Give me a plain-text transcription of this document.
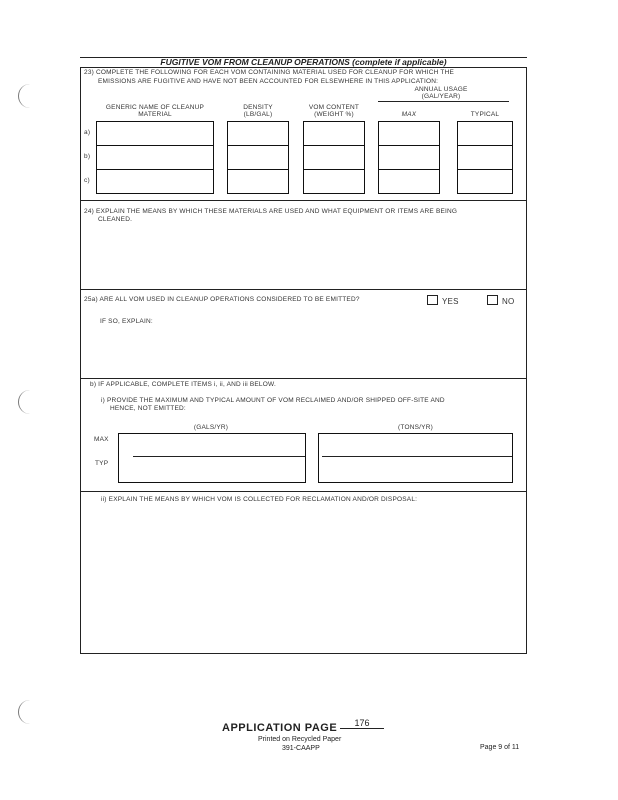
FUGITIVE VOM FROM CLEANUP OPERATIONS (complete if applicable)
23) COMPLETE THE FOLLOWING FOR EACH VOM CONTAINING MATERIAL USED FOR CLEANUP FOR WHICH THE
EMISSIONS ARE FUGITIVE AND HAVE NOT BEEN ACCOUNTED FOR ELSEWHERE IN THIS APPLICATION:
ANNUAL USAGE
(GAL/YEAR)
GENERIC NAME OF CLEANUP
MATERIAL
DENSITY
(LB/GAL)
VOM CONTENT
(WEIGHT %)	MAX	TYPICAL
a)
b)
c)
24) EXPLAIN THE MEANS BY WHICH THESE MATERIALS ARE USED AND WHAT EQUIPMENT OR ITEMS ARE BEING
CLEANED.
25a) ARE ALL VOM USED IN CLEANUP OPERATIONS CONSIDERED TO BE EMITTED?	YES	NO
IF SO, EXPLAIN:
b) IF APPLICABLE, COMPLETE ITEMS i, ii, AND iii BELOW.
i) PROVIDE THE MAXIMUM AND TYPICAL AMOUNT OF VOM RECLAIMED AND/OR SHIPPED OFF-SITE AND
HENCE, NOT EMITTED:
(GALS/YR)	(TONS/YR)
MAX
TYP
ii) EXPLAIN THE MEANS BY WHICH VOM IS COLLECTED FOR RECLAMATION AND/OR DISPOSAL:
APPLICATION PAGE	176
Printed on Recycled Paper
391-CAAPP	Page 9 of 11
